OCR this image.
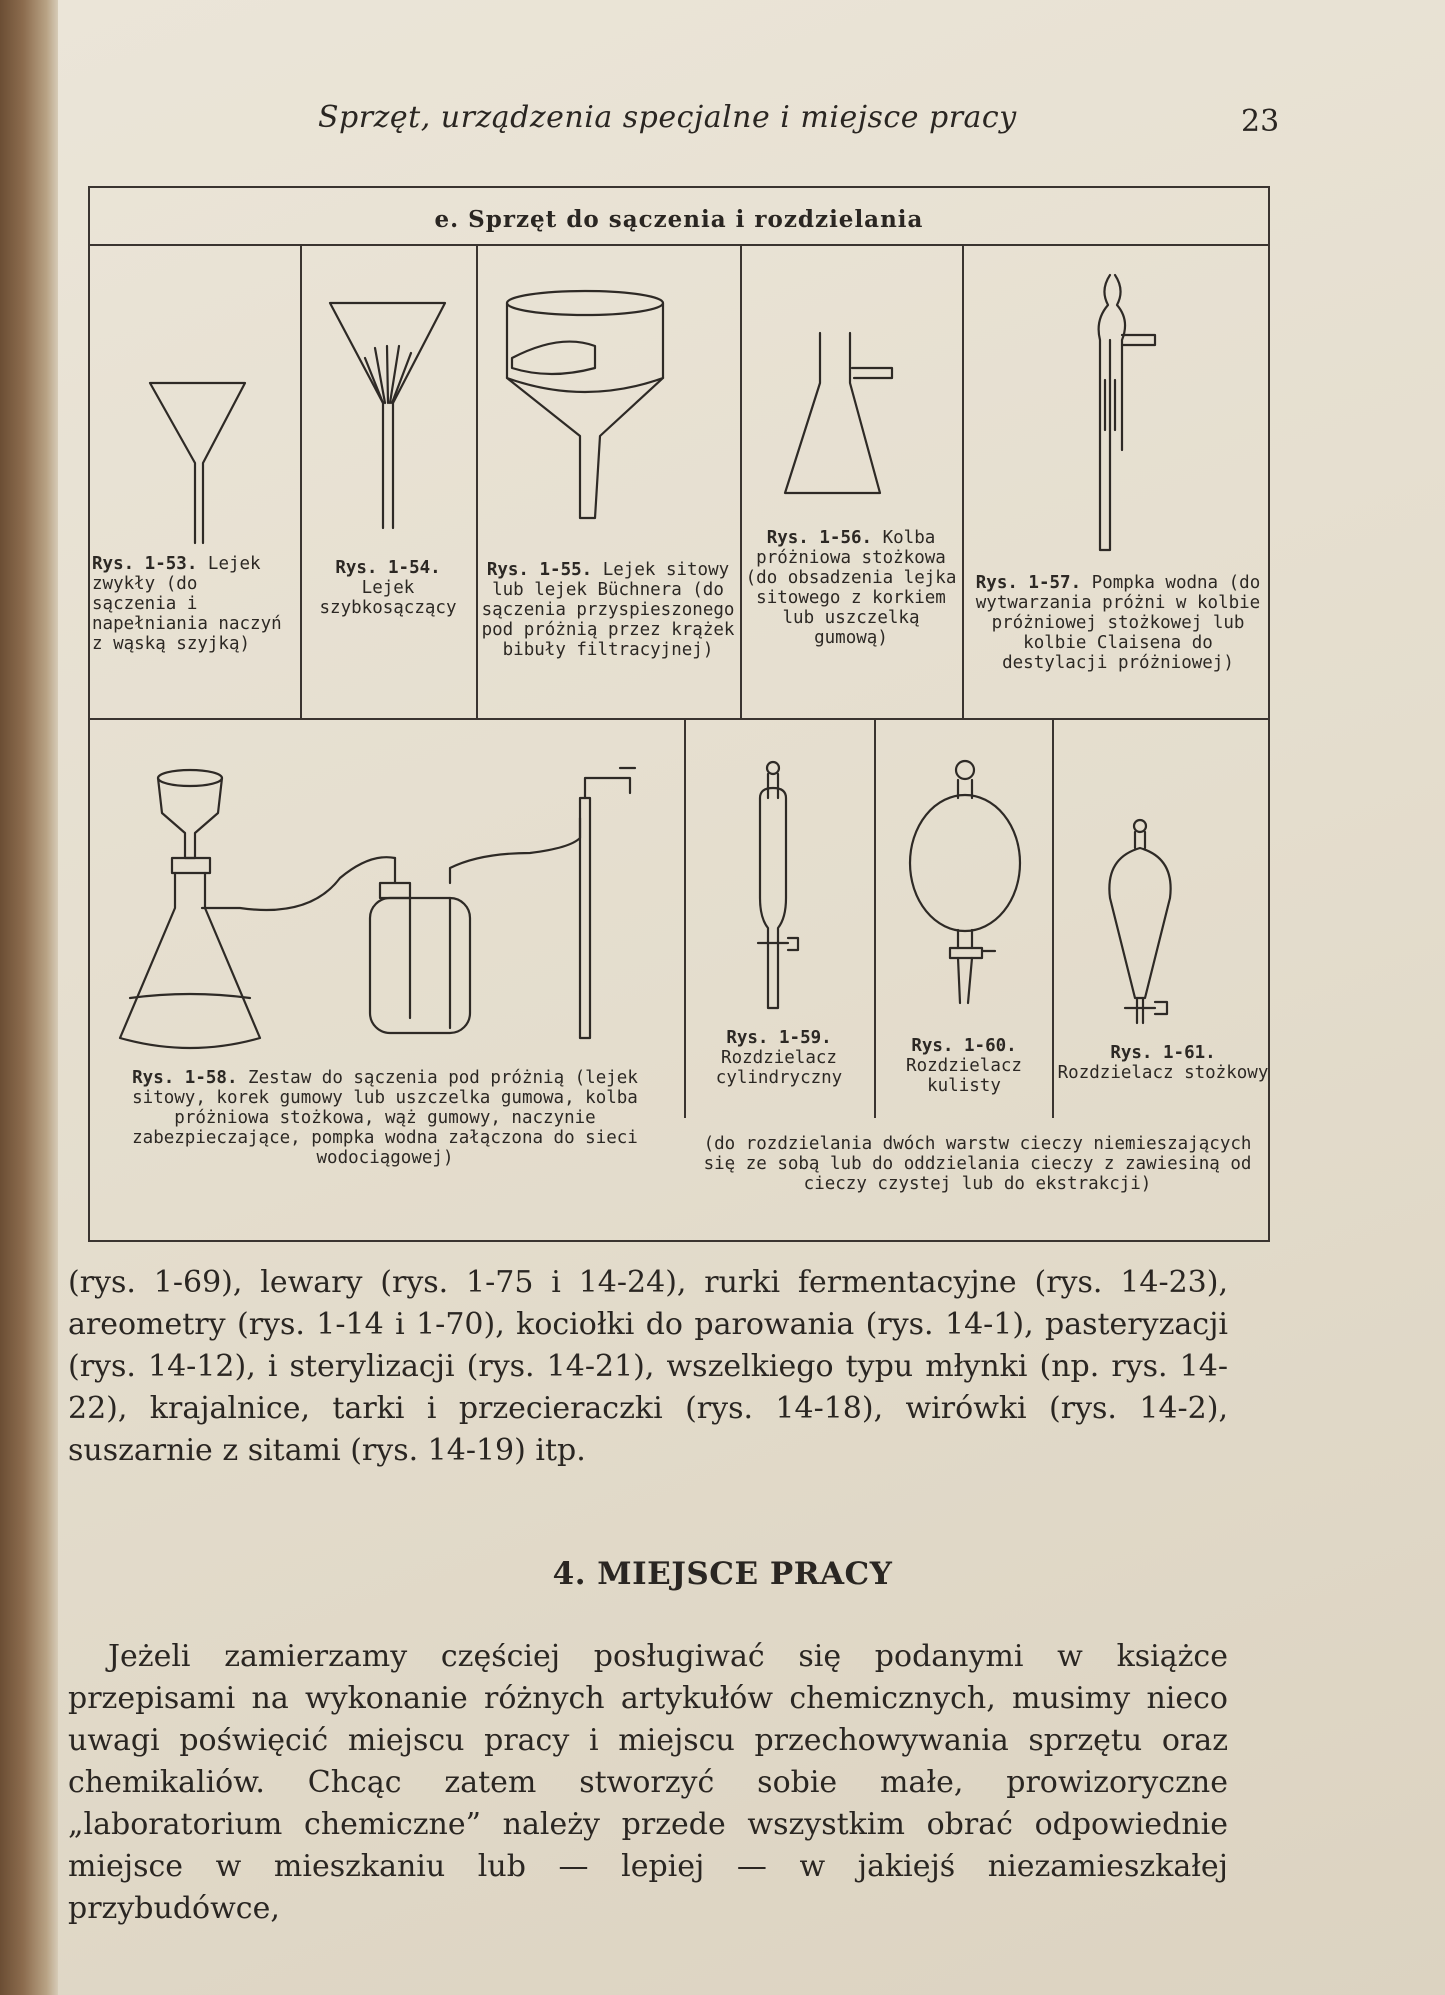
Sprzęt, urządzenia specjalne i miejsce pracy	23
e. Sprzęt do sączenia i rozdzielania
Rys. 1-53. Lejek zwykły (do sączenia i napełniania naczyń z wąską szyjką)
Rys. 1-54. Lejek szybkosączący
Rys. 1-55. Lejek sitowy lub lejek Büchnera (do sączenia przyspieszonego pod próżnią przez krążek bibuły filtracyjnej)
Rys. 1-56. Kolba próżniowa stożkowa (do obsadzenia lejka sitowego z korkiem lub uszczelką gumową)
Rys. 1-57. Pompka wodna (do wytwarzania próżni w kolbie próżniowej stożkowej lub kolbie Claisena do destylacji próżniowej)
Rys. 1-58. Zestaw do sączenia pod próżnią (lejek sitowy, korek gumowy lub uszczelka gumowa, kolba próżniowa stożkowa, wąż gumowy, naczynie zabezpieczające, pompka wodna załączona do sieci wodociągowej)
Rys. 1-59. Rozdzielacz cylindryczny
Rys. 1-60. Rozdzielacz kulisty
Rys. 1-61. Rozdzielacz stożkowy
(do rozdzielania dwóch warstw cieczy niemieszających się ze sobą lub do oddzielania cieczy z zawiesiną od cieczy czystej lub do ekstrakcji)
(rys. 1-69), lewary (rys. 1-75 i 14-24), rurki fermentacyjne (rys. 14-23), areometry (rys. 1-14 i 1-70), kociołki do parowania (rys. 14-1), pasteryzacji (rys. 14-12), i sterylizacji (rys. 14-21), wszelkiego typu młynki (np. rys. 14-22), krajalnice, tarki i przecieraczki (rys. 14-18), wirówki (rys. 14-2), suszarnie z sitami (rys. 14-19) itp.
4. MIEJSCE PRACY
Jeżeli zamierzamy częściej posługiwać się podanymi w książce przepisami na wykonanie różnych artykułów chemicznych, musimy nieco uwagi poświęcić miejscu pracy i miejscu przechowywania sprzętu oraz chemikaliów. Chcąc zatem stworzyć sobie małe, prowizoryczne „laboratorium chemiczne” należy przede wszystkim obrać odpowiednie miejsce w mieszkaniu lub — lepiej — w jakiejś niezamieszkałej przybudówce,
